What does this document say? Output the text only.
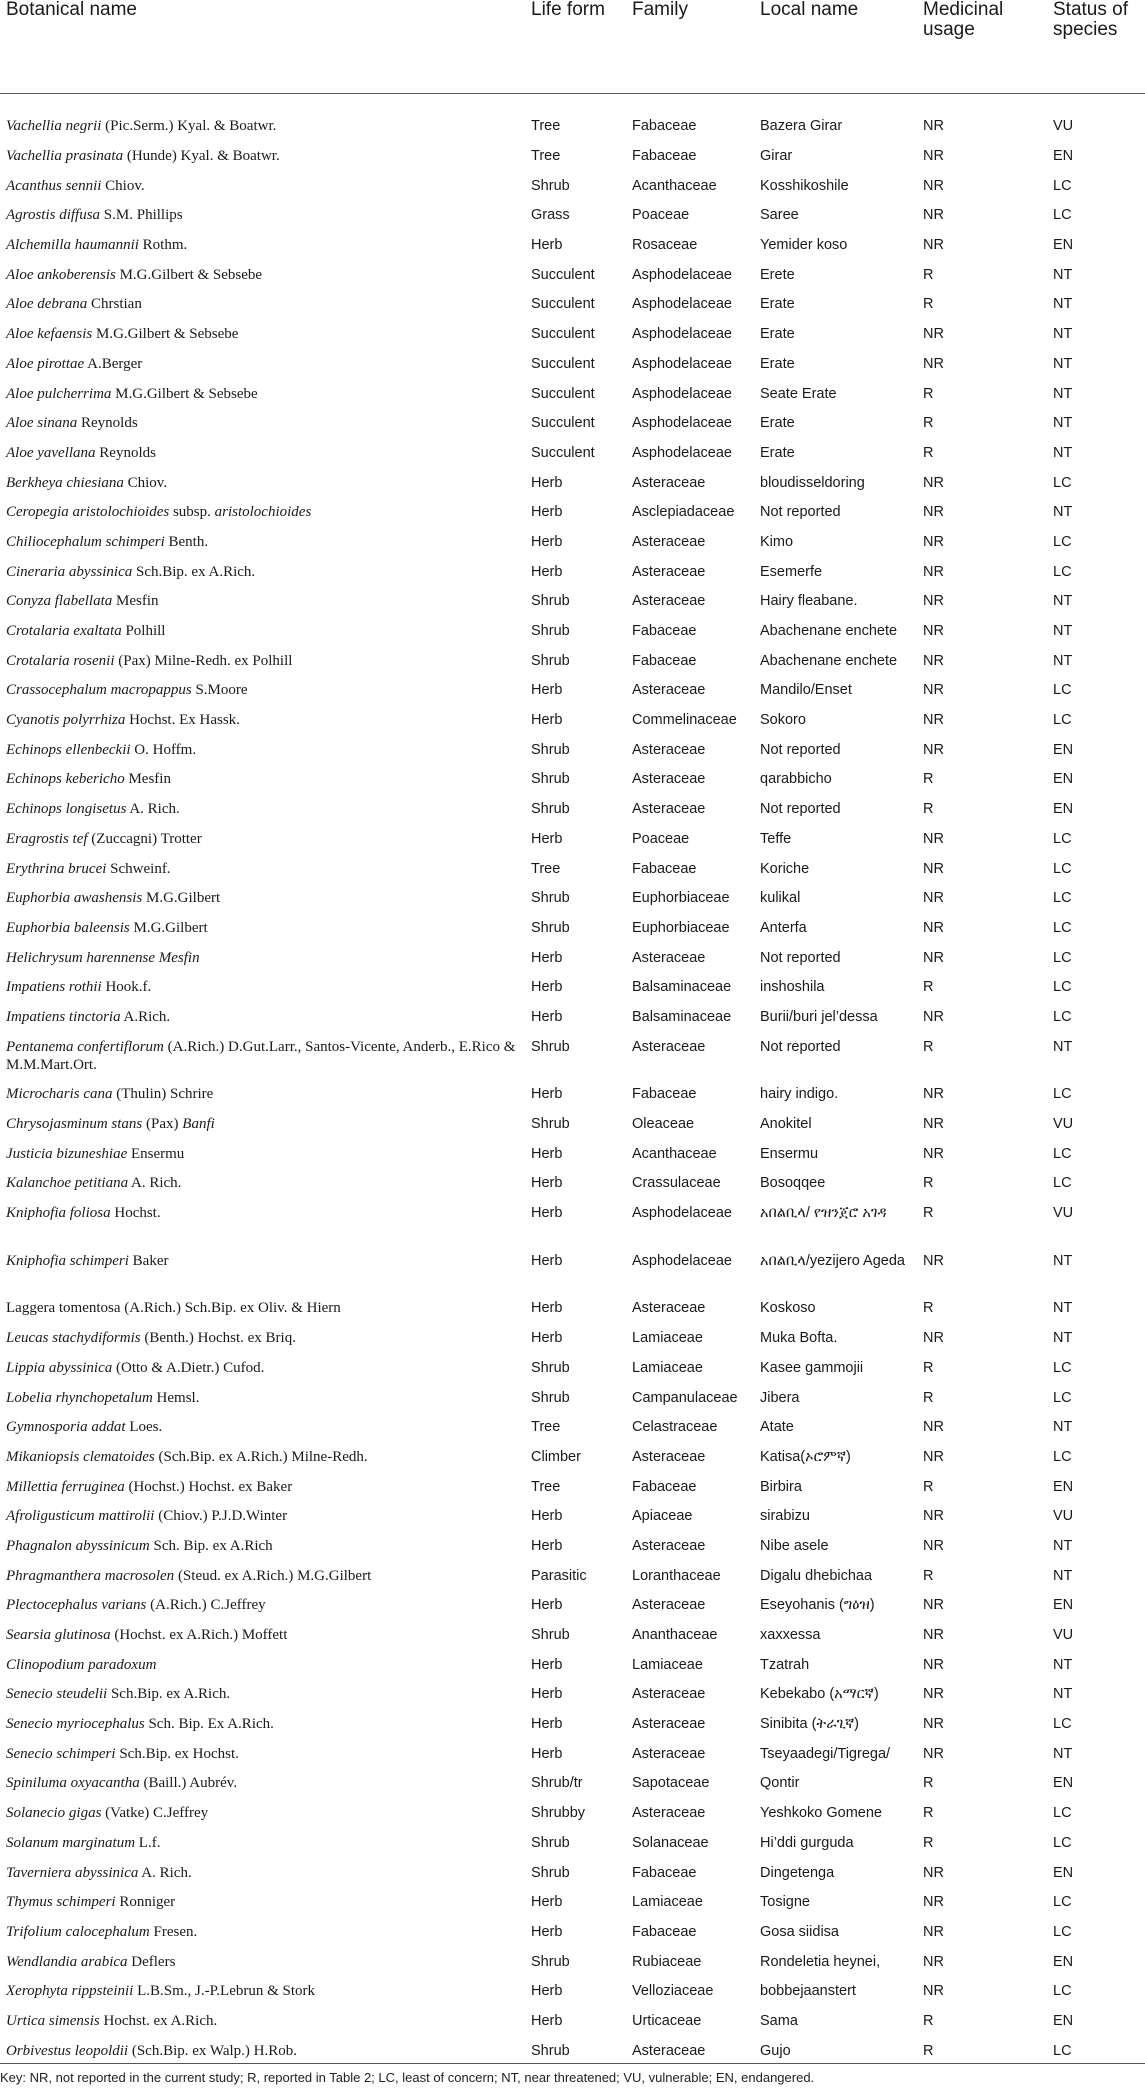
Botanical name	Life form	Family	Local name	Medicinal usage	Status of species
Vachellia negrii (Pic.Serm.) Kyal. & Boatwr.	Tree	Fabaceae	Bazera Girar	NR	VU
Vachellia prasinata (Hunde) Kyal. & Boatwr.	Tree	Fabaceae	Girar	NR	EN
Acanthus sennii Chiov.	Shrub	Acanthaceae	Kosshikoshile	NR	LC
Agrostis diffusa S.M. Phillips	Grass	Poaceae	Saree	NR	LC
Alchemilla haumannii Rothm.	Herb	Rosaceae	Yemider koso	NR	EN
Aloe ankoberensis M.G.Gilbert & Sebsebe	Succulent	Asphodelaceae	Erete	R	NT
Aloe debrana Chrstian	Succulent	Asphodelaceae	Erate	R	NT
Aloe kefaensis M.G.Gilbert & Sebsebe	Succulent	Asphodelaceae	Erate	NR	NT
Aloe pirottae A.Berger	Succulent	Asphodelaceae	Erate	NR	NT
Aloe pulcherrima M.G.Gilbert & Sebsebe	Succulent	Asphodelaceae	Seate Erate	R	NT
Aloe sinana Reynolds	Succulent	Asphodelaceae	Erate	R	NT
Aloe yavellana Reynolds	Succulent	Asphodelaceae	Erate	R	NT
Berkheya chiesiana Chiov.	Herb	Asteraceae	bloudisseldoring	NR	LC
Ceropegia aristolochioides subsp. aristolochioides	Herb	Asclepiadaceae	Not reported	NR	NT
Chiliocephalum schimperi Benth.	Herb	Asteraceae	Kimo	NR	LC
Cineraria abyssinica Sch.Bip. ex A.Rich.	Herb	Asteraceae	Esemerfe	NR	LC
Conyza flabellata Mesfin	Shrub	Asteraceae	Hairy fleabane.	NR	NT
Crotalaria exaltata Polhill	Shrub	Fabaceae	Abachenane enchete	NR	NT
Crotalaria rosenii (Pax) Milne-Redh. ex Polhill	Shrub	Fabaceae	Abachenane enchete	NR	NT
Crassocephalum macropappus S.Moore	Herb	Asteraceae	Mandilo/Enset	NR	LC
Cyanotis polyrrhiza Hochst. Ex Hassk.	Herb	Commelinaceae	Sokoro	NR	LC
Echinops ellenbeckii O. Hoffm.	Shrub	Asteraceae	Not reported	NR	EN
Echinops kebericho Mesfin	Shrub	Asteraceae	qarabbicho	R	EN
Echinops longisetus A. Rich.	Shrub	Asteraceae	Not reported	R	EN
Eragrostis tef (Zuccagni) Trotter	Herb	Poaceae	Teffe	NR	LC
Erythrina brucei Schweinf.	Tree	Fabaceae	Koriche	NR	LC
Euphorbia awashensis M.G.Gilbert	Shrub	Euphorbiaceae	kulikal	NR	LC
Euphorbia baleensis M.G.Gilbert	Shrub	Euphorbiaceae	Anterfa	NR	LC
Helichrysum harennense Mesfin	Herb	Asteraceae	Not reported	NR	LC
Impatiens rothii Hook.f.	Herb	Balsaminaceae	inshoshila	R	LC
Impatiens tinctoria A.Rich.	Herb	Balsaminaceae	Burii/buri jel’dessa	NR	LC
Pentanema confertiflorum (A.Rich.) D.Gut.Larr., Santos-Vicente, Anderb., E.Rico & M.M.Mart.Ort.	Shrub	Asteraceae	Not reported	R	NT
Microcharis cana (Thulin) Schrire	Herb	Fabaceae	hairy indigo.	NR	LC
Chrysojasminum stans (Pax) Banfi	Shrub	Oleaceae	Anokitel	NR	VU
Justicia bizuneshiae Ensermu	Herb	Acanthaceae	Ensermu	NR	LC
Kalanchoe petitiana A. Rich.	Herb	Crassulaceae	Bosoqqee	R	LC
Kniphofia foliosa Hochst.	Herb	Asphodelaceae	አበልቢላ/ የዝንጀሮ አገዳ	R	VU
Kniphofia schimperi Baker	Herb	Asphodelaceae	አበልቢላ/yezijero Ageda	NR	NT
Laggera tomentosa (A.Rich.) Sch.Bip. ex Oliv. & Hiern	Herb	Asteraceae	Koskoso	R	NT
Leucas stachydiformis (Benth.) Hochst. ex Briq.	Herb	Lamiaceae	Muka Bofta.	NR	NT
Lippia abyssinica (Otto & A.Dietr.) Cufod.	Shrub	Lamiaceae	Kasee gammojii	R	LC
Lobelia rhynchopetalum Hemsl.	Shrub	Campanulaceae	Jibera	R	LC
Gymnosporia addat Loes.	Tree	Celastraceae	Atate	NR	NT
Mikaniopsis clematoides (Sch.Bip. ex A.Rich.) Milne-Redh.	Climber	Asteraceae	Katisa(ኦሮምኛ)	NR	LC
Millettia ferruginea (Hochst.) Hochst. ex Baker	Tree	Fabaceae	Birbira	R	EN
Afroligusticum mattirolii (Chiov.) P.J.D.Winter	Herb	Apiaceae	sirabizu	NR	VU
Phagnalon abyssinicum Sch. Bip. ex A.Rich	Herb	Asteraceae	Nibe asele	NR	NT
Phragmanthera macrosolen (Steud. ex A.Rich.) M.G.Gilbert	Parasitic	Loranthaceae	Digalu dhebichaa	R	NT
Plectocephalus varians (A.Rich.) C.Jeffrey	Herb	Asteraceae	Eseyohanis (ግዕዝ)	NR	EN
Searsia glutinosa (Hochst. ex A.Rich.) Moffett	Shrub	Ananthaceae	xaxxessa	NR	VU
Clinopodium paradoxum	Herb	Lamiaceae	Tzatrah	NR	NT
Senecio steudelii Sch.Bip. ex A.Rich.	Herb	Asteraceae	Kebekabo (አማርኛ)	NR	NT
Senecio myriocephalus Sch. Bip. Ex A.Rich.	Herb	Asteraceae	Sinibita (ትራጊኛ)	NR	LC
Senecio schimperi Sch.Bip. ex Hochst.	Herb	Asteraceae	Tseyaadegi/Tigrega/	NR	NT
Spiniluma oxyacantha (Baill.) Aubrév.	Shrub/tr	Sapotaceae	Qontir	R	EN
Solanecio gigas (Vatke) C.Jeffrey	Shrubby	Asteraceae	Yeshkoko Gomene	R	LC
Solanum marginatum L.f.	Shrub	Solanaceae	Hi’ddi gurguda	R	LC
Taverniera abyssinica A. Rich.	Shrub	Fabaceae	Dingetenga	NR	EN
Thymus schimperi Ronniger	Herb	Lamiaceae	Tosigne	NR	LC
Trifolium calocephalum Fresen.	Herb	Fabaceae	Gosa siidisa	NR	LC
Wendlandia arabica Deflers	Shrub	Rubiaceae	Rondeletia heynei,	NR	EN
Xerophyta rippsteinii L.B.Sm., J.-P.Lebrun & Stork	Herb	Velloziaceae	bobbejaanstert	NR	LC
Urtica simensis Hochst. ex A.Rich.	Herb	Urticaceae	Sama	R	EN
Orbivestus leopoldii (Sch.Bip. ex Walp.) H.Rob.	Shrub	Asteraceae	Gujo	R	LC
Key: NR, not reported in the current study; R, reported in Table 2; LC, least of concern; NT, near threatened; VU, vulnerable; EN, endangered.
